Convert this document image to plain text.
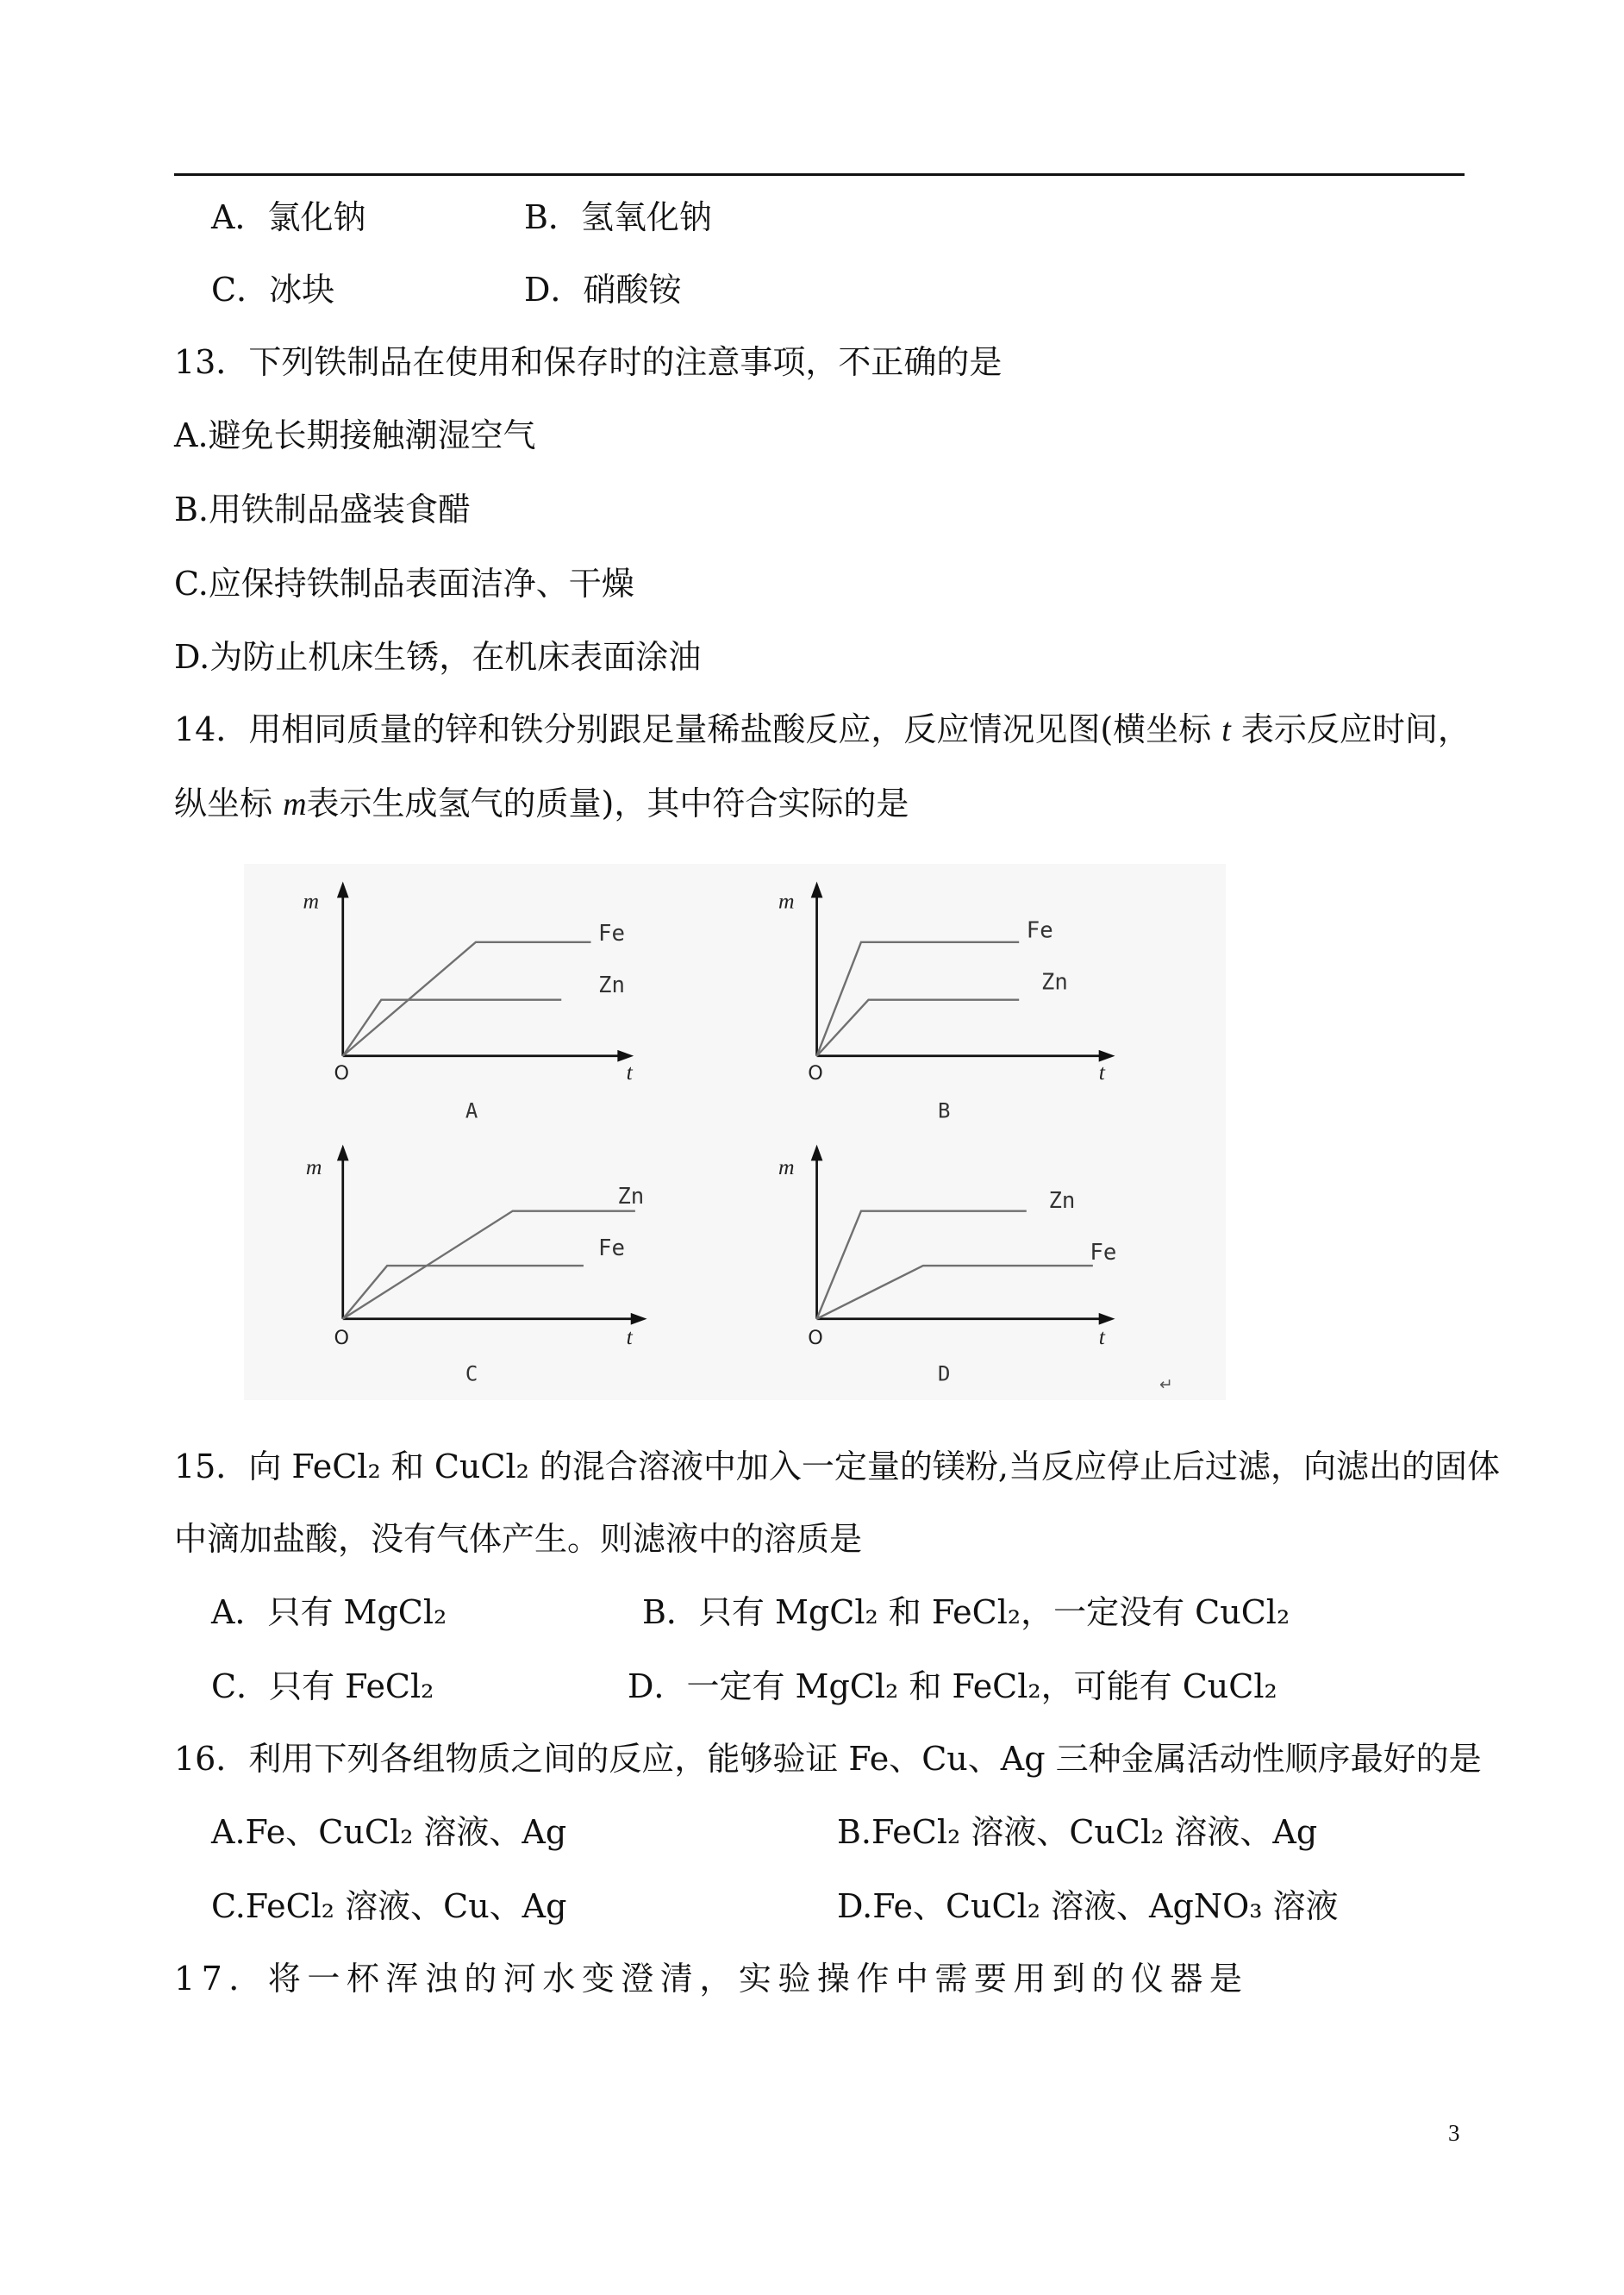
A．氯化钠	B．氢氧化钠
C．冰块	D．硝酸铵
13．下列铁制品在使用和保存时的注意事项，不正确的是
A.避免长期接触潮湿空气
B.用铁制品盛装食醋
C.应保持铁制品表面洁净、干燥
D.为防止机床生锈，在机床表面涂油
14．用相同质量的锌和铁分别跟足量稀盐酸反应，反应情况见图(横坐标 t 表示反应时间，
纵坐标 m表示生成氢气的质量)，其中符合实际的是
m
t
O
Fe
Zn
A
m
t
O
Fe
Zn
B
m
t
O
Zn
Fe
C
m
t
O
Zn
Fe
D	↵
15．向 FeCl₂ 和 CuCl₂ 的混合溶液中加入一定量的镁粉,当反应停止后过滤，向滤出的固体
中滴加盐酸，没有气体产生。则滤液中的溶质是
A．只有 MgCl₂	B．只有 MgCl₂ 和 FeCl₂，一定没有 CuCl₂
C．只有 FeCl₂	D．一定有 MgCl₂ 和 FeCl₂，可能有 CuCl₂
16．利用下列各组物质之间的反应，能够验证 Fe、Cu、Ag 三种金属活动性顺序最好的是
A.Fe、CuCl₂ 溶液、Ag	B.FeCl₂ 溶液、CuCl₂ 溶液、Ag
C.FeCl₂ 溶液、Cu、Ag	D.Fe、CuCl₂ 溶液、AgNO₃ 溶液
17．将一杯浑浊的河水变澄清，实验操作中需要用到的仪器是
3
